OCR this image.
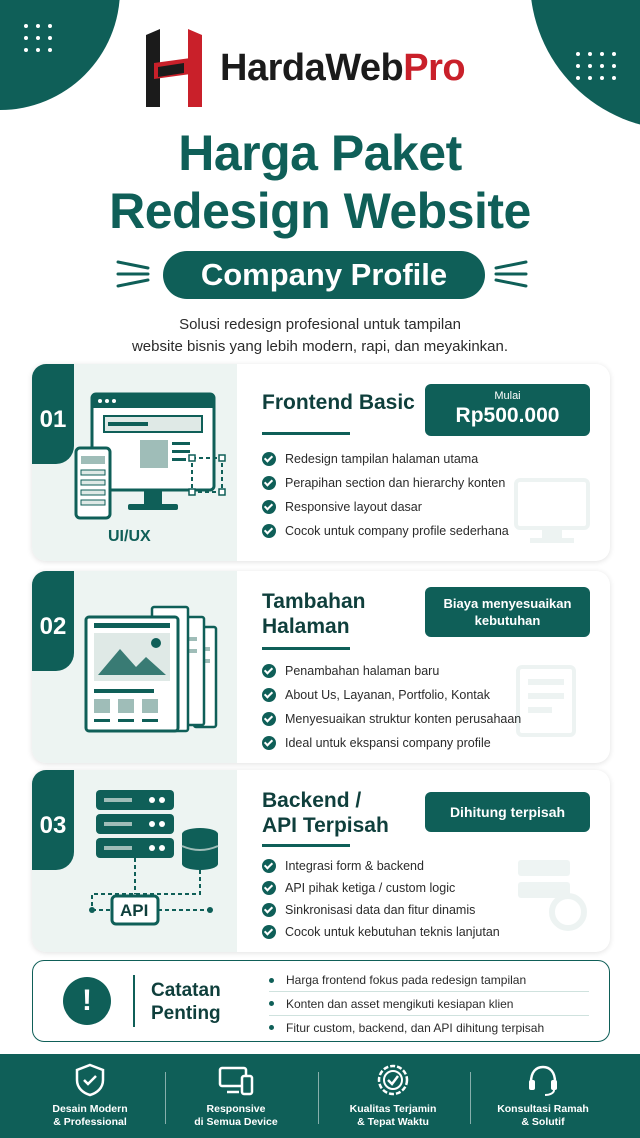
HardaWebPro
Harga Paket
Redesign Website
Company Profile
Solusi redesign profesional untuk tampilan
website bisnis yang lebih modern, rapi, dan meyakinkan.
01
UI/UX
Frontend Basic	Mulai
Rp500.000
Redesign tampilan halaman utama
Perapihan section dan hierarchy konten
Responsive layout dasar
Cocok untuk company profile sederhana
02
Tambahan
Halaman
Biaya menyesuaikan
kebutuhan
Penambahan halaman baru
About Us, Layanan, Portfolio, Kontak
Menyesuaikan struktur konten perusahaan
Ideal untuk ekspansi company profile
03
API
Backend /
API Terpisah
Dihitung terpisah
Integrasi form & backend
API pihak ketiga / custom logic
Sinkronisasi data dan fitur dinamis
Cocok untuk kebutuhan teknis lanjutan
!	Catatan
Penting
Harga frontend fokus pada redesign tampilan
Konten dan asset mengikuti kesiapan klien
Fitur custom, backend, dan API dihitung terpisah
Desain Modern
& Professional
Responsive
di Semua Device
Kualitas Terjamin
& Tepat Waktu
Konsultasi Ramah
& Solutif
